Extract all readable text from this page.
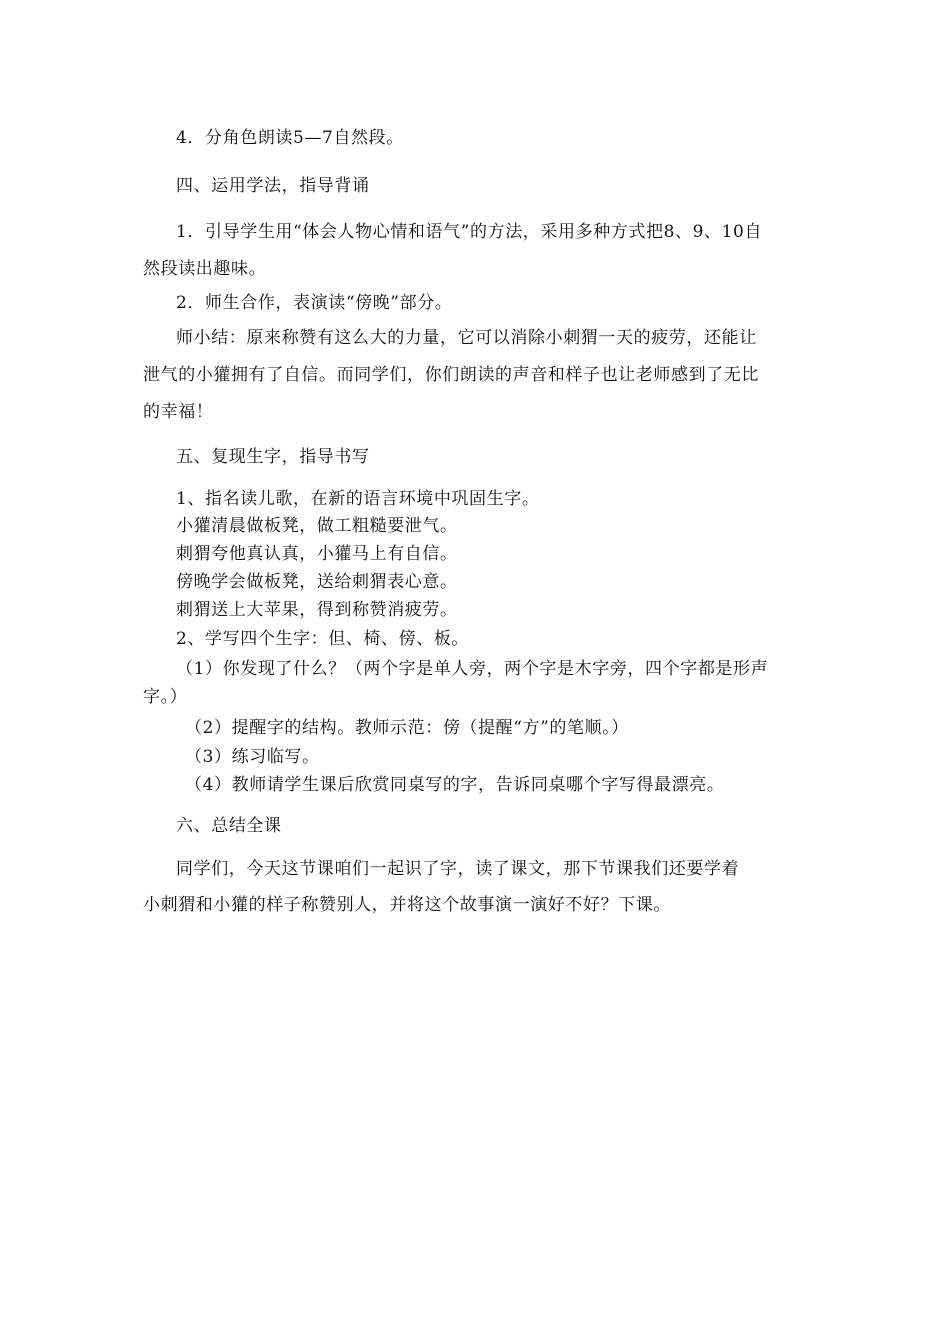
4．分角色朗读5—7自然段。
四、运用学法，指导背诵
1．引导学生用“体会人物心情和语气”的方法，采用多种方式把8、9、10自
然段读出趣味。
2．师生合作，表演读“傍晚”部分。
师小结：原来称赞有这么大的力量，它可以消除小刺猬一天的疲劳，还能让
泄气的小獾拥有了自信。而同学们，你们朗读的声音和样子也让老师感到了无比
的幸福！
五、复现生字，指导书写
1、指名读儿歌，在新的语言环境中巩固生字。
小獾清晨做板凳，做工粗糙要泄气。
刺猬夸他真认真，小獾马上有自信。
傍晚学会做板凳，送给刺猬表心意。
刺猬送上大苹果，得到称赞消疲劳。
2、学写四个生字：但、椅、傍、板。
（1）你发现了什么？（两个字是单人旁，两个字是木字旁，四个字都是形声
字。）
（2）提醒字的结构。教师示范：傍（提醒“方”的笔顺。）
（3）练习临写。
（4）教师请学生课后欣赏同桌写的字，告诉同桌哪个字写得最漂亮。
六、总结全课
同学们，今天这节课咱们一起识了字，读了课文，那下节课我们还要学着
小刺猬和小獾的样子称赞别人，并将这个故事演一演好不好？下课。
